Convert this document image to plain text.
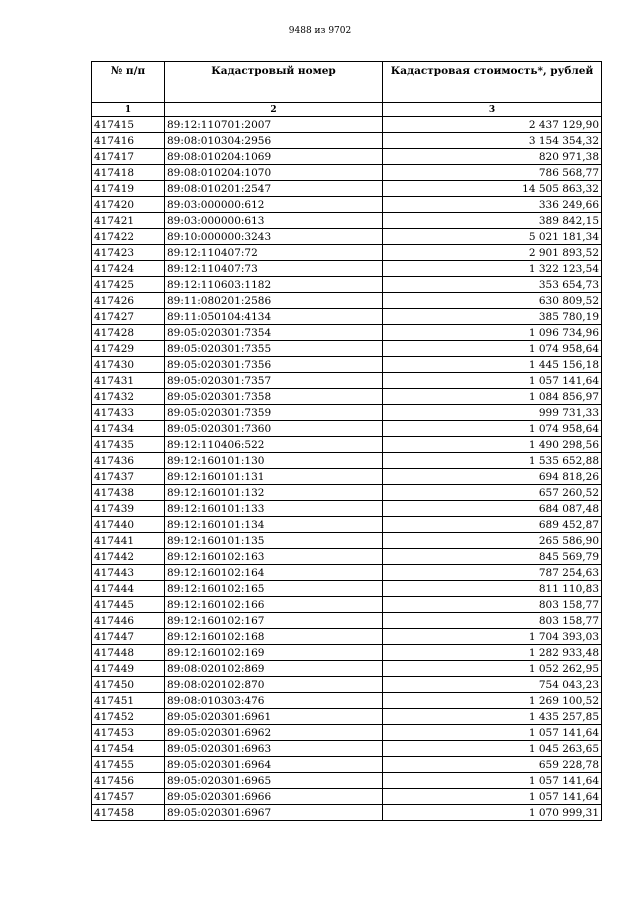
9488 из 9702
№ п/п	Кадастровый номер	Кадастровая стоимость*, рублей
1	2	3
417415	89:12:110701:2007	2 437 129,90
417416	89:08:010304:2956	3 154 354,32
417417	89:08:010204:1069	820 971,38
417418	89:08:010204:1070	786 568,77
417419	89:08:010201:2547	14 505 863,32
417420	89:03:000000:612	336 249,66
417421	89:03:000000:613	389 842,15
417422	89:10:000000:3243	5 021 181,34
417423	89:12:110407:72	2 901 893,52
417424	89:12:110407:73	1 322 123,54
417425	89:12:110603:1182	353 654,73
417426	89:11:080201:2586	630 809,52
417427	89:11:050104:4134	385 780,19
417428	89:05:020301:7354	1 096 734,96
417429	89:05:020301:7355	1 074 958,64
417430	89:05:020301:7356	1 445 156,18
417431	89:05:020301:7357	1 057 141,64
417432	89:05:020301:7358	1 084 856,97
417433	89:05:020301:7359	999 731,33
417434	89:05:020301:7360	1 074 958,64
417435	89:12:110406:522	1 490 298,56
417436	89:12:160101:130	1 535 652,88
417437	89:12:160101:131	694 818,26
417438	89:12:160101:132	657 260,52
417439	89:12:160101:133	684 087,48
417440	89:12:160101:134	689 452,87
417441	89:12:160101:135	265 586,90
417442	89:12:160102:163	845 569,79
417443	89:12:160102:164	787 254,63
417444	89:12:160102:165	811 110,83
417445	89:12:160102:166	803 158,77
417446	89:12:160102:167	803 158,77
417447	89:12:160102:168	1 704 393,03
417448	89:12:160102:169	1 282 933,48
417449	89:08:020102:869	1 052 262,95
417450	89:08:020102:870	754 043,23
417451	89:08:010303:476	1 269 100,52
417452	89:05:020301:6961	1 435 257,85
417453	89:05:020301:6962	1 057 141,64
417454	89:05:020301:6963	1 045 263,65
417455	89:05:020301:6964	659 228,78
417456	89:05:020301:6965	1 057 141,64
417457	89:05:020301:6966	1 057 141,64
417458	89:05:020301:6967	1 070 999,31
